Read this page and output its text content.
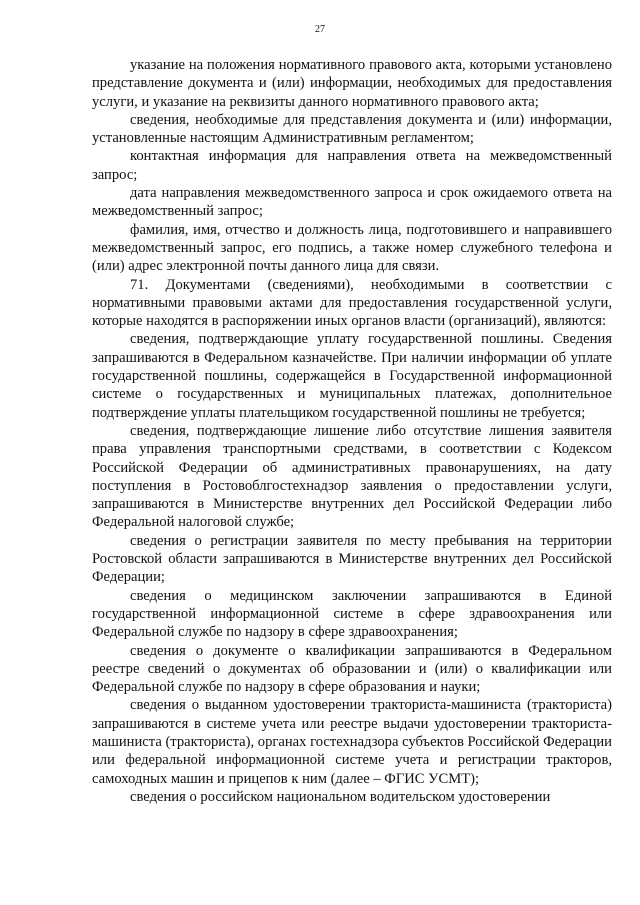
27

указание на положения нормативного правового акта, которыми установлено представление документа и (или) информации, необходимых для предоставления услуги, и указание на реквизиты данного нормативного правового акта;

сведения, необходимые для представления документа и (или) информации, установленные настоящим Административным регламентом;

контактная информация для направления ответа на межведомственный запрос;

дата направления межведомственного запроса и срок ожидаемого ответа на межведомственный запрос;

фамилия, имя, отчество и должность лица, подготовившего и направившего межведомственный запрос, его подпись, а также номер служебного телефона и (или) адрес электронной почты данного лица для связи.

71. Документами (сведениями), необходимыми в соответствии с нормативными правовыми актами для предоставления государственной услуги, которые находятся в распоряжении иных органов власти (организаций), являются:

сведения, подтверждающие уплату государственной пошлины. Сведения запрашиваются в Федеральном казначействе. При наличии информации об уплате государственной пошлины, содержащейся в Государственной информационной системе о государственных и муниципальных платежах, дополнительное подтверждение уплаты плательщиком государственной пошлины не требуется;

сведения, подтверждающие лишение либо отсутствие лишения заявителя права управления транспортными средствами, в соответствии с Кодексом Российской Федерации об административных правонарушениях, на дату поступления в Ростовоблгостехнадзор заявления о предоставлении услуги, запрашиваются в Министерстве внутренних дел Российской Федерации либо Федеральной налоговой службе;

сведения о регистрации заявителя по месту пребывания на территории Ростовской области запрашиваются в Министерстве внутренних дел Российской Федерации;

сведения о медицинском заключении запрашиваются в Единой государственной информационной системе в сфере здравоохранения или Федеральной службе по надзору в сфере здравоохранения;

сведения о документе о квалификации запрашиваются в Федеральном реестре сведений о документах об образовании и (или) о квалификации или Федеральной службе по надзору в сфере образования и науки;

сведения о выданном удостоверении тракториста-машиниста (тракториста) запрашиваются в системе учета или реестре выдачи удостоверении тракториста-машиниста (тракториста), органах гостехнадзора субъектов Российской Федерации или федеральной информационной системе учета и регистрации тракторов, самоходных машин и прицепов к ним (далее – ФГИС УСМТ);

сведения о российском национальном водительском удостоверении
